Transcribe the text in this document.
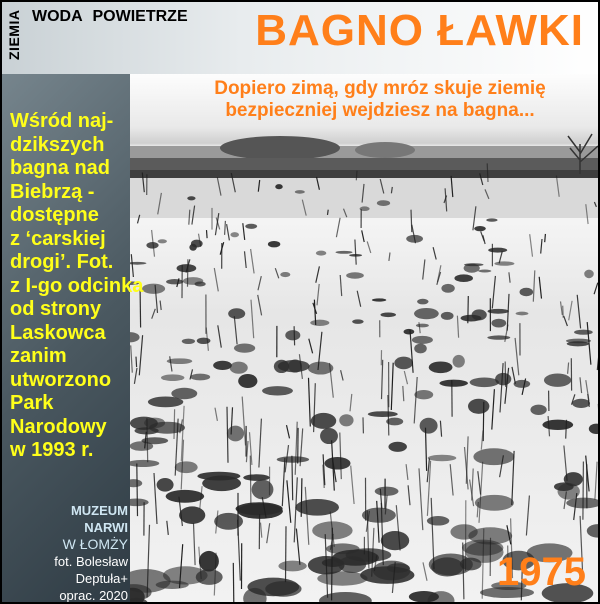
ZIEMIA WODA POWIETRZE BAGNO ŁAWKI
Dopiero zimą, gdy mróz skuje ziemię
bezpieczniej wejdziesz na bagna...
Wśród naj-
dzikszych
bagna nad
Biebrzą -
dostępne
z ‘carskiej
drogi’. Fot.
z I-go odcinka
od strony
Laskowca
zanim
utworzono
Park
Narodowy
w 1993 r.
MUZEUM
NARWI
W ŁOMŻY
fot. Bolesław
Deptuła+
oprac. 2020
1975
